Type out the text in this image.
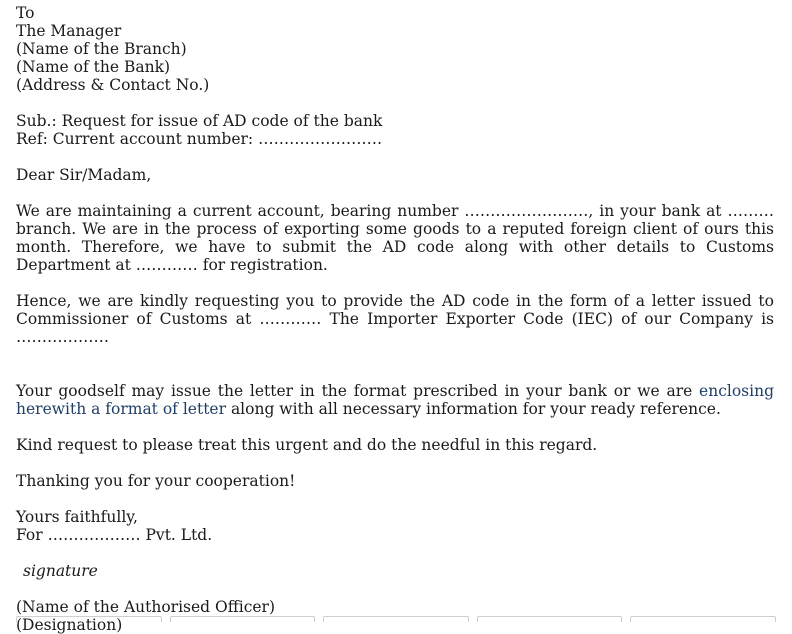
To
The Manager
(Name of the Branch)
(Name of the Bank)
(Address & Contact No.)
Sub.: Request for issue of AD code of the bank
Ref: Current account number: ……………………
Dear Sir/Madam,
We are maintaining a current account, bearing number ……………………, in your bank at ……… branch. We are in the process of exporting some goods to a reputed foreign client of ours this month. Therefore, we have to submit the AD code along with other details to Customs Department at ………… for registration.
Hence, we are kindly requesting you to provide the AD code in the form of a letter issued to Commissioner of Customs at ………… The Importer Exporter Code (IEC) of our Company is ………………
Your goodself may issue the letter in the format prescribed in your bank or we are enclosing herewith a format of letter along with all necessary information for your ready reference.
Kind request to please treat this urgent and do the needful in this regard.
Thanking you for your cooperation!
Yours faithfully,
For ……………… Pvt. Ltd.
signature
(Name of the Authorised Officer)
(Designation)
